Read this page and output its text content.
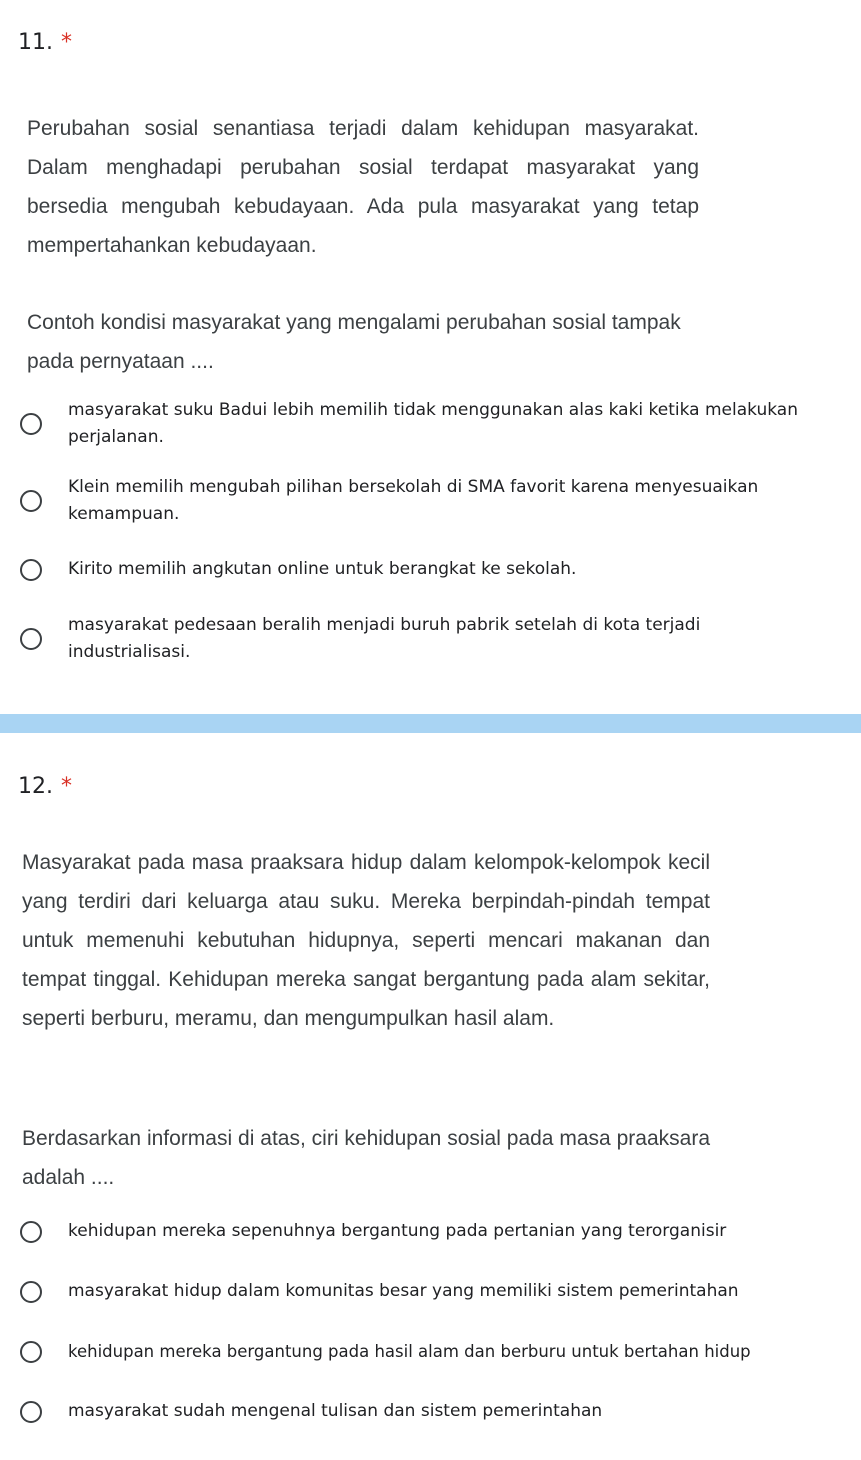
11. *
Perubahan sosial senantiasa terjadi dalam kehidupan masyarakat. Dalam menghadapi perubahan sosial terdapat masyarakat yang bersedia mengubah kebudayaan. Ada pula masyarakat yang tetap mempertahankan kebudayaan.
Contoh kondisi masyarakat yang mengalami perubahan sosial tampak pada pernyataan ....
masyarakat suku Badui lebih memilih tidak menggunakan alas kaki ketika melakukan
perjalanan.
Klein memilih mengubah pilihan bersekolah di SMA favorit karena menyesuaikan
kemampuan.
Kirito memilih angkutan online untuk berangkat ke sekolah.
masyarakat pedesaan beralih menjadi buruh pabrik setelah di kota terjadi
industrialisasi.
12. *
Masyarakat pada masa praaksara hidup dalam kelompok-kelompok kecil yang terdiri dari keluarga atau suku. Mereka berpindah-pindah tempat untuk memenuhi kebutuhan hidupnya, seperti mencari makanan dan tempat tinggal. Kehidupan mereka sangat bergantung pada alam sekitar, seperti berburu, meramu, dan mengumpulkan hasil alam.
Berdasarkan informasi di atas, ciri kehidupan sosial pada masa praaksara adalah ....
kehidupan mereka sepenuhnya bergantung pada pertanian yang terorganisir
masyarakat hidup dalam komunitas besar yang memiliki sistem pemerintahan
kehidupan mereka bergantung pada hasil alam dan berburu untuk bertahan hidup
masyarakat sudah mengenal tulisan dan sistem pemerintahan
